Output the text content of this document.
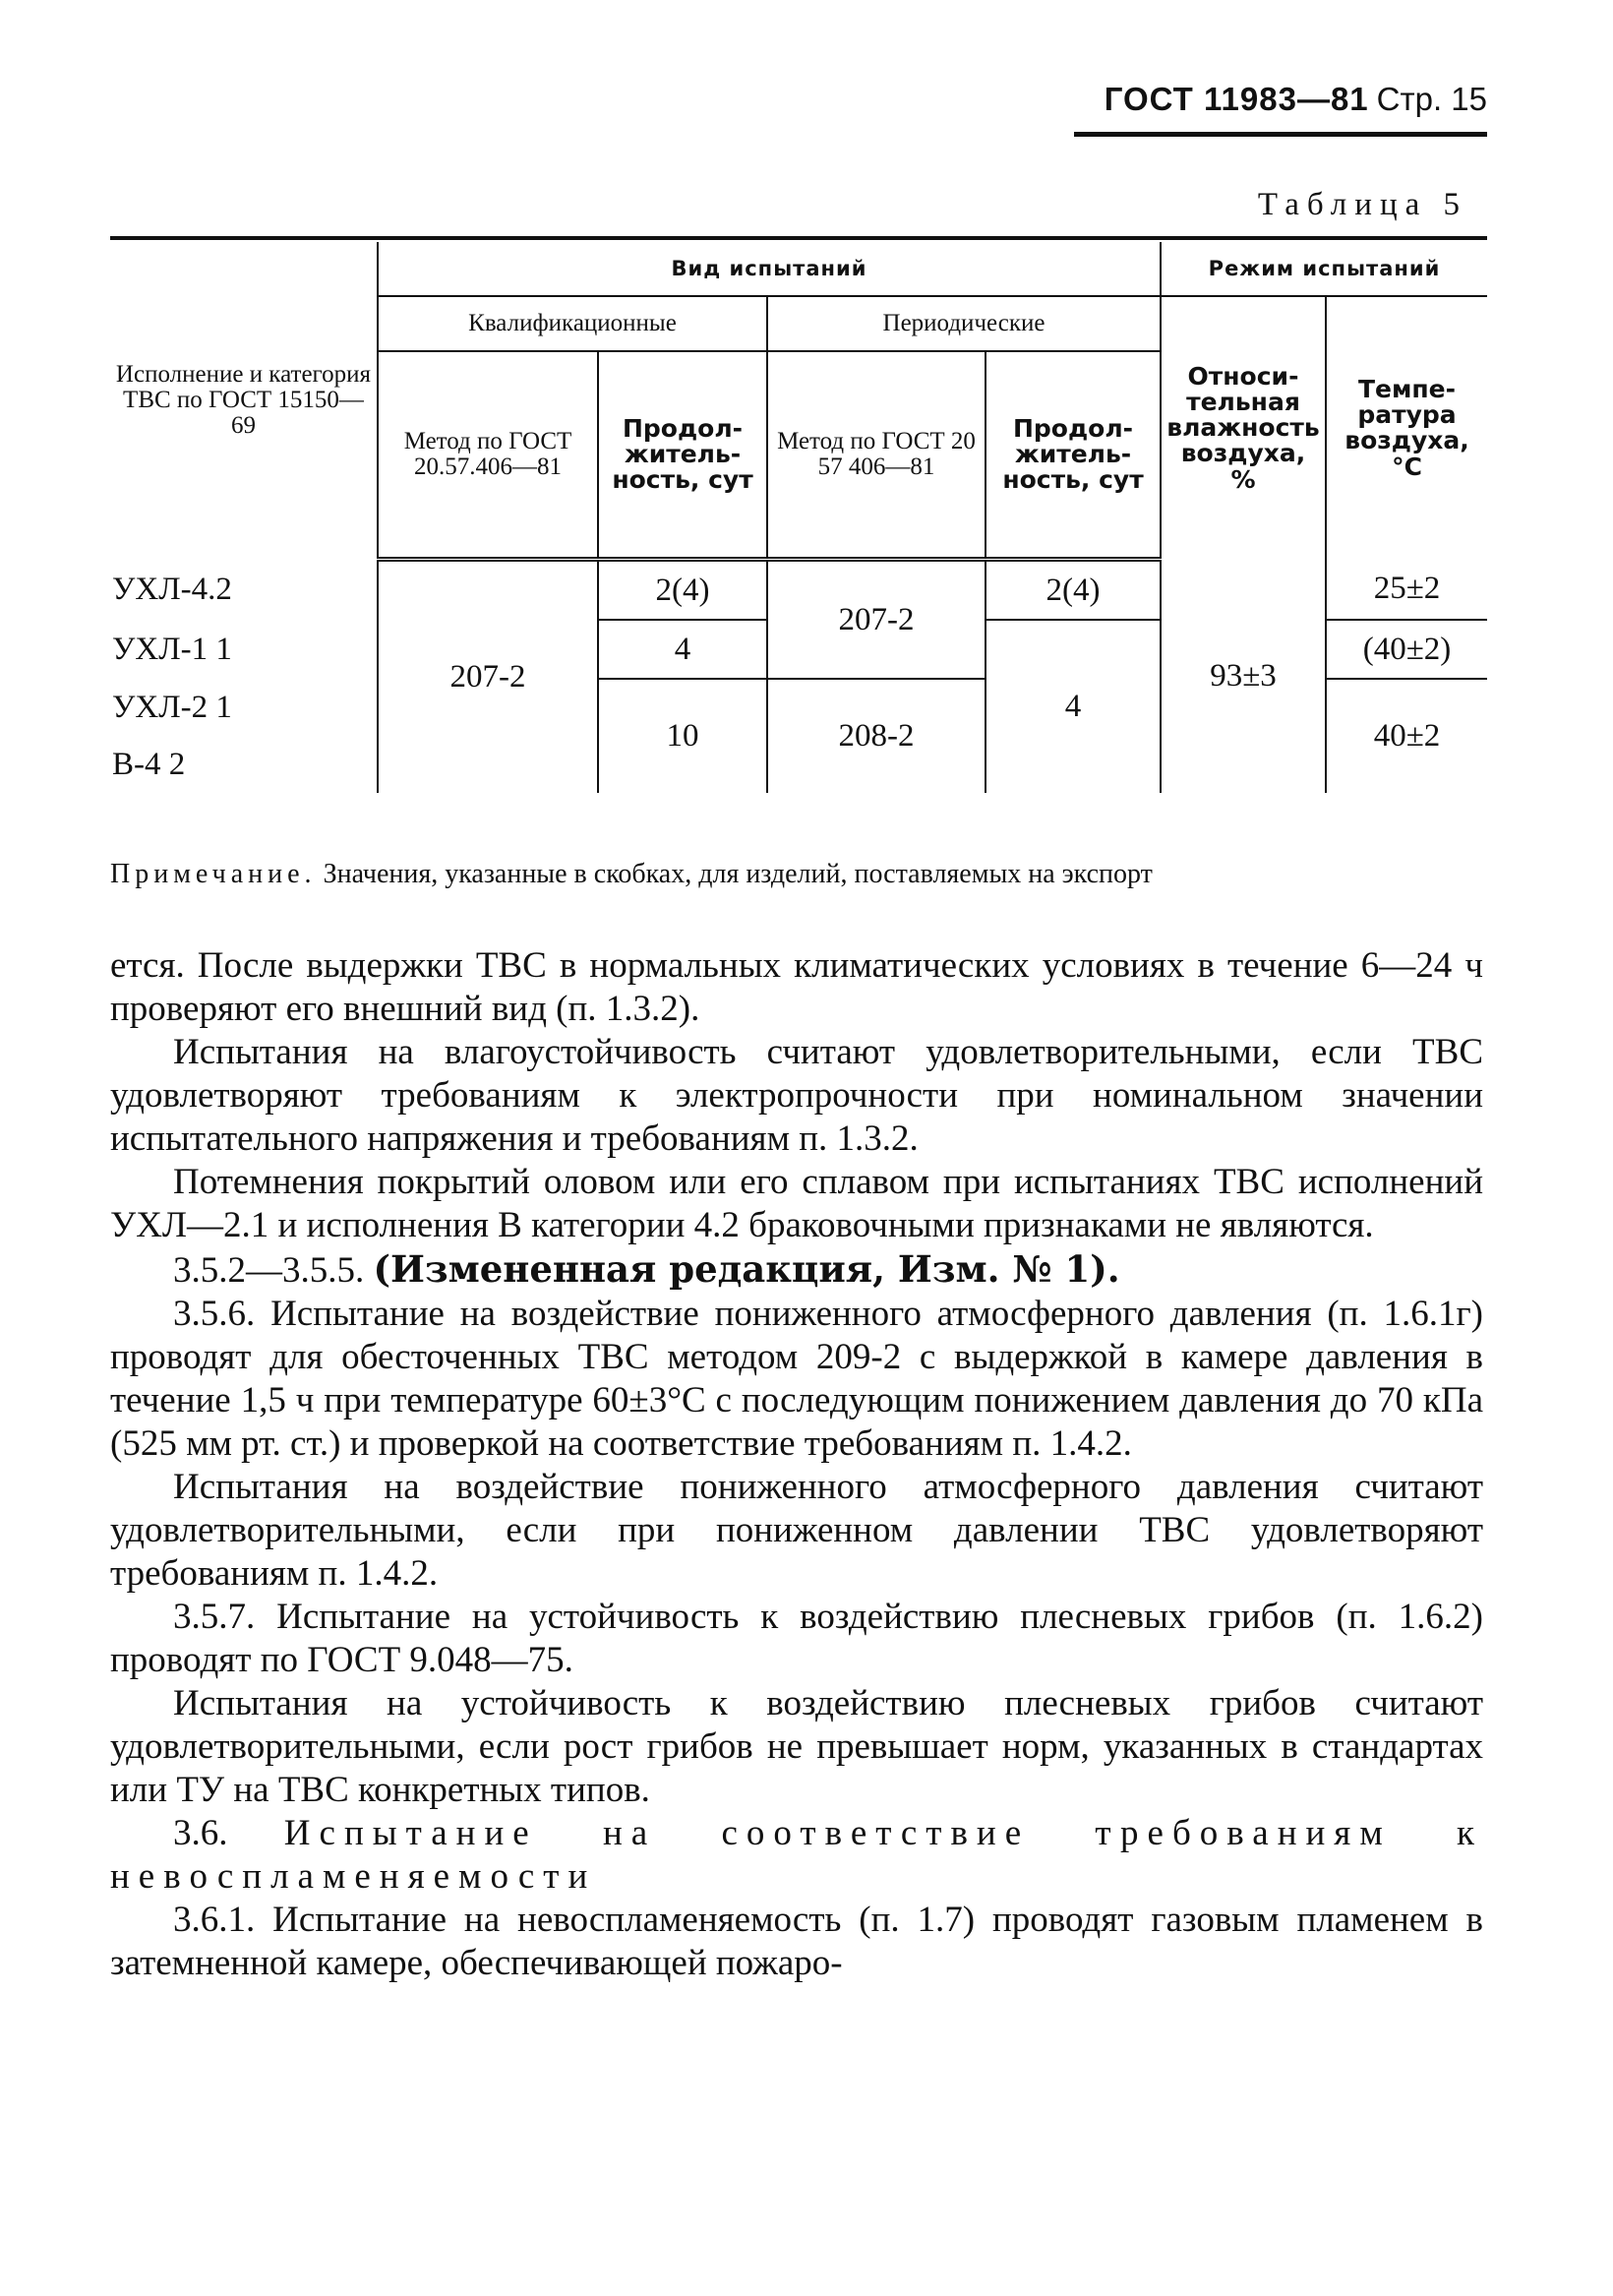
ГОСТ 11983—81 Стр. 15
Таблица 5
Исполнение и категория ТВС по ГОСТ 15150—69	Вид испытаний				Режим испытаний	
	Квалификационные		Периодические		Относи-тельная влажность воздуха, %	Темпе-ратура воздуха, °С
	Метод по ГОСТ 20.57.406—81	Продол-житель-ность, сут	Метод по ГОСТ 20 57 406—81	Продол-житель-ность, сут		
УХЛ-4.2	207-2	2(4)	207-2	2(4)	93±3	25±2
УХЛ-1 1		4		4		(40±2)
УХЛ-2 1		10	208-2			40±2
В-4 2						
Примечание. Значения, указанные в скобках, для изделий, поставляемых на экспорт

ется. После выдержки ТВС в нормальных климатических условиях в течение 6—24 ч проверяют его внешний вид (п. 1.3.2).

Испытания на влагоустойчивость считают удовлетворительными, если ТВС удовлетворяют требованиям к электропрочности при номинальном значении испытательного напряжения и требованиям п. 1.3.2.

Потемнения покрытий оловом или его сплавом при испытаниях ТВС исполнений УХЛ—2.1 и исполнения В категории 4.2 браковочными признаками не являются.

3.5.2—3.5.5. (Измененная редакция, Изм. № 1).

3.5.6. Испытание на воздействие пониженного атмосферного давления (п. 1.6.1г) проводят для обесточенных ТВС методом 209-2 с выдержкой в камере давления в течение 1,5 ч при температуре 60±3°С с последующим понижением давления до 70 кПа (525 мм рт. ст.) и проверкой на соответствие требованиям п. 1.4.2.

Испытания на воздействие пониженного атмосферного давления считают удовлетворительными, если при пониженном давлении ТВС удовлетворяют требованиям п. 1.4.2.

3.5.7. Испытание на устойчивость к воздействию плесневых грибов (п. 1.6.2) проводят по ГОСТ 9.048—75.

Испытания на устойчивость к воздействию плесневых грибов считают удовлетворительными, если рост грибов не превышает норм, указанных в стандартах или ТУ на ТВС конкретных типов.

3.6. Испытание на соответствие требованиям к невоспламеняемости

3.6.1. Испытание на невоспламеняемость (п. 1.7) проводят газовым пламенем в затемненной камере, обеспечивающей пожаро-
